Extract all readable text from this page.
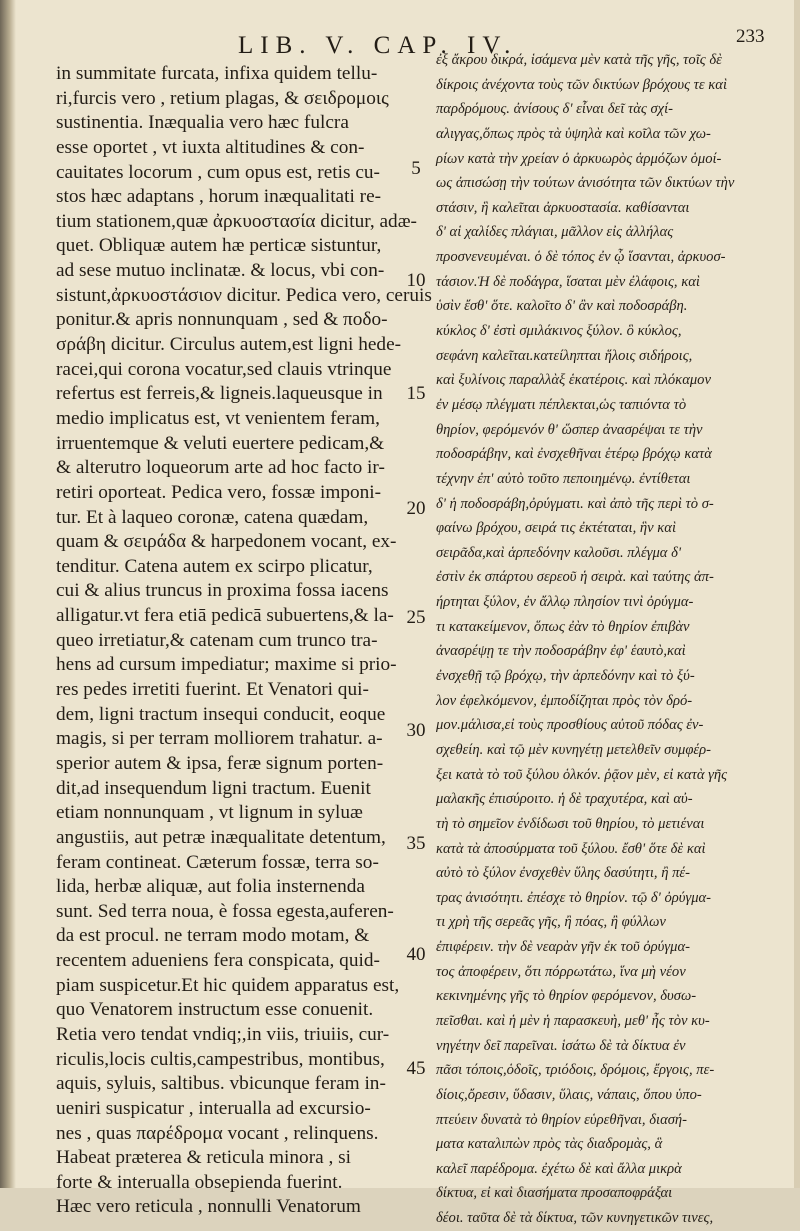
LIB. V. CAP. IV.	233
in summitate furcata, infixa quidem tellu-
ri,furcis vero , retium plagas, & σειδρομοις
sustinentia. Inæqualia vero hæc fulcra
esse oportet , vt iuxta altitudines & con-
cauitates locorum , cum opus est, retis cu-
stos hæc adaptans , horum inæqualitati re-
tium stationem,quæ ἀρκυοστασία dicitur, adæ-
quet. Obliquæ autem hæ perticæ sistuntur,
ad sese mutuo inclinatæ. & locus, vbi con-
sistunt,ἀρκυοστάσιον dicitur. Pedica vero, ceruis
ponitur.& apris nonnunquam , sed & ποδο-
σράβη dicitur. Circulus autem,est ligni hede-
racei,qui corona vocatur,sed clauis vtrinque
refertus est ferreis,& ligneis.laqueusque in
medio implicatus est, vt venientem feram,
irruentemque & veluti euertere pedicam,&
& alterutro loqueorum arte ad hoc facto ir-
retiri oporteat. Pedica vero, fossæ imponi-
tur. Et à laqueo coronæ, catena quædam,
quam & σειράδα & harpedonem vocant, ex-
tenditur. Catena autem ex scirpo plicatur,
cui & alius truncus in proxima fossa iacens
alligatur.vt fera etiā pedicā subuertens,& la-
queo irretiatur,& catenam cum trunco tra-
hens ad cursum impediatur; maxime si prio-
res pedes irretiti fuerint. Et Venatori qui-
dem, ligni tractum insequi conducit, eoque
magis, si per terram molliorem trahatur. a-
sperior autem & ipsa, feræ signum porten-
dit,ad insequendum ligni tractum. Euenit
etiam nonnunquam , vt lignum in syluæ
angustiis, aut petræ inæqualitate detentum,
feram contineat. Cæterum fossæ, terra so-
lida, herbæ aliquæ, aut folia insternenda
sunt. Sed terra noua, è fossa egesta,auferen-
da est procul. ne terram modo motam, &
recentem adueniens fera conspicata, quid-
piam suspicetur.Et hic quidem apparatus est,
quo Venatorem instructum esse conuenit.
Retia vero tendat vndiq;,in viis, triuiis, cur-
riculis,locis cultis,campestribus, montibus,
aquis, syluis, saltibus. vbicunque feram in-
ueniri suspicatur , interualla ad excursio-
nes , quas παρέδρομα vocant , relinquens.
Habeat præterea & reticula minora , si
forte & interualla obsepienda fuerint.
Hæc vero reticula , nonnulli Venatorum
ἐξ ἄκρου δικρά, ἱσάμενα μὲν κατὰ τῆς γῆς, τοῖς δὲ
δίκροις ἀνέχοντα τοὺς τῶν δικτύων βρόχους τε καὶ
παρδρόμους. ἀνίσους δ' εἶναι δεῖ τὰς σχί-
αλιγγας,ὅπως πρὸς τὰ ὑψηλὰ καὶ κοῖλα τῶν χω-
ρίων κατὰ τὴν χρείαν ὁ ἀρκυωρὸς ἁρμόζων ὁμοί-
ως ἀπισώσῃ τὴν τούτων ἀνισότητα τῶν δικτύων τὴν
στάσιν, ἣ καλεῖται ἀρκυοστασία. καθίσανται
δ' αἱ χαλίδες πλάγιαι, μᾶλλον εἰς ἀλλήλας
προσνενευμέναι. ὁ δὲ τόπος ἐν ᾧ ἵσανται, ἀρκυοσ-
τάσιον.Ἡ δὲ ποδάγρα, ἵσαται μὲν ἐλάφοις, καὶ
ὑσὶν ἔσθ' ὅτε. καλοῖτο δ' ἂν καὶ ποδοσράβη.
κύκλος δ' ἐστὶ σμιλάκινος ξύλον. ὃ κύκλος,
σεφάνη καλεῖται.κατείληπται ἥλοις σιδήροις,
καὶ ξυλίνοις παραλλὰξ ἑκατέροις. καὶ πλόκαμον
ἐν μέσῳ πλέγματι πέπλεκται,ὡς ταπιόντα τὸ
θηρίον, φερόμενόν θ' ὥσπερ ἀνασρέψαι τε τὴν
ποδοσράβην, καὶ ἐνσχεθῆναι ἑτέρῳ βρόχῳ κατὰ
τέχνην ἐπ' αὐτὸ τοῦτο πεποιημένῳ. ἐντίθεται
δ' ἡ ποδοσράβη,ὀρύγματι. καὶ ἀπὸ τῆς περὶ τὸ σ-
φαίνω βρόχου, σειρά τις ἐκτέταται, ἣν καὶ
σειρᾶδα,καὶ ἁρπεδόνην καλοῦσι. πλέγμα δ'
ἐστὶν ἐκ σπάρτου σερεοῦ ἡ σειρὰ. καὶ ταύτης ἀπ-
ήρτηται ξύλον, ἐν ἄλλῳ πλησίον τινὶ ὀρύγμα-
τι κατακείμενον, ὅπως ἐὰν τὸ θηρίον ἐπιβὰν
ἀνασρέψῃ τε τὴν ποδοσράβην ἐφ' ἑαυτὸ,καὶ
ἐνσχεθῇ τῷ βρόχῳ, τὴν ἁρπεδόνην καὶ τὸ ξύ-
λον ἐφελκόμενον, ἐμποδίζηται πρὸς τὸν δρό-
μον.μάλισα,εἰ τοὺς προσθίους αὐτοῦ πόδας ἐν-
σχεθείη. καὶ τῷ μὲν κυνηγέτῃ μετελθεῖν συμφέρ-
ξει κατὰ τὸ τοῦ ξύλου ὁλκόν. ῥᾷον μὲν, εἰ κατὰ γῆς
μαλακῆς ἐπισύροιτο. ἡ δὲ τραχυτέρα, καὶ αὐ-
τὴ τὸ σημεῖον ἐνδίδωσι τοῦ θηρίου, τὸ μετιέναι
κατὰ τὰ ἀποσύρματα τοῦ ξύλου. ἔσθ' ὅτε δὲ καὶ
αὐτὸ τὸ ξύλον ἐνσχεθὲν ὕλης δασύτητι, ἢ πέ-
τρας ἀνισότητι. ἐπέσχε τὸ θηρίον. τῷ δ' ὀρύγμα-
τι χρὴ τῆς σερεᾶς γῆς, ἢ πόας, ἢ φύλλων
ἐπιφέρειν. τὴν δὲ νεαρὰν γῆν ἐκ τοῦ ὀρύγμα-
τος ἀποφέρειν, ὅτι πόρρωτάτω, ἵνα μὴ νέον
κεκινημένης γῆς τὸ θηρίον φερόμενον, δυσω-
πεῖσθαι. καὶ ἡ μὲν ἡ παρασκευὴ, μεθ' ἧς τὸν κυ-
νηγέτην δεῖ παρεῖναι. ἱσάτω δὲ τὰ δίκτυα ἐν
πᾶσι τόποις,ὁδοῖς, τριόδοις, δρόμοις, ἔργοις, πε-
δίοις,ὄρεσιν, ὕδασιν, ὕλαις, νάπαις, ὅπου ὑπο-
πτεύειν δυνατὰ τὸ θηρίον εὑρεθῆναι, διασή-
ματα καταλιπὼν πρὸς τὰς διαδρομὰς, ἃ
καλεῖ παρέδρομα. ἐχέτω δὲ καὶ ἄλλα μικρὰ
δίκτυα, εἰ καὶ διασήματα προσαποφράξαι
δέοι. ταῦτα δὲ τὰ δίκτυα, τῶν κυνηγετικῶν τινες,
5
10
15
20
25
30
35
40
45
